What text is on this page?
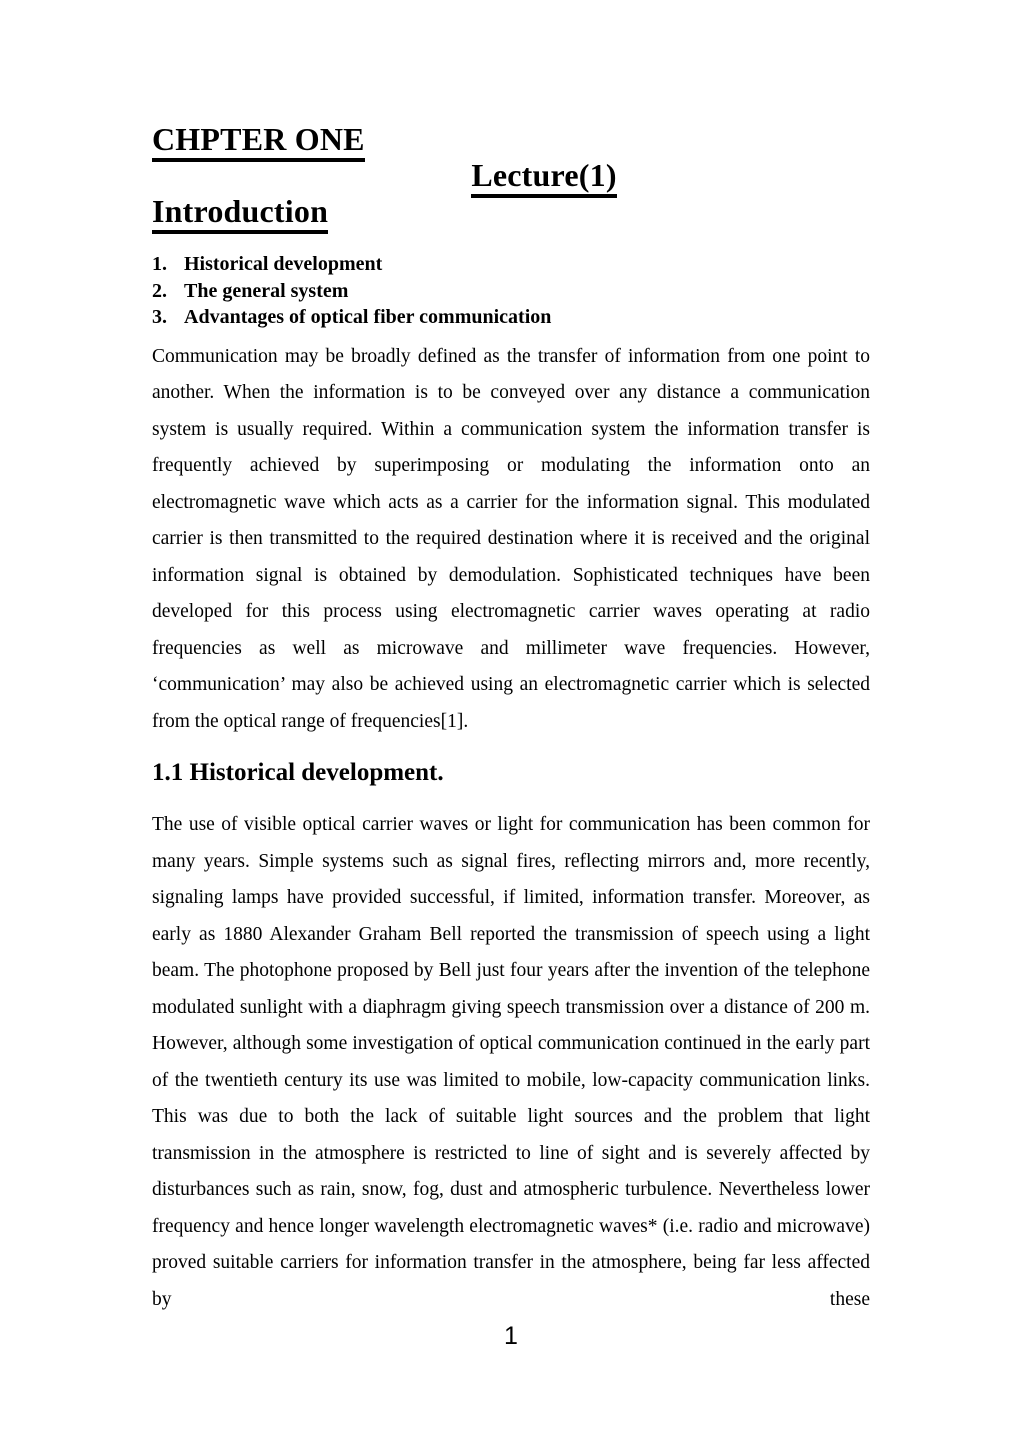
CHPTER ONE
Lecture(1)
Introduction
1. Historical development
2. The general system
3. Advantages of optical fiber communication

Communication may be broadly defined as the transfer of information from one point to another. When the information is to be conveyed over any distance a communication system is usually required. Within a communication system the information transfer is frequently achieved by superimposing or modulating the information onto an electromagnetic wave which acts as a carrier for the information signal. This modulated carrier is then transmitted to the required destination where it is received and the original information signal is obtained by demodulation. Sophisticated techniques have been developed for this process using electromagnetic carrier waves operating at radio frequencies as well as microwave and millimeter wave frequencies. However, ‘communication’ may also be achieved using an electromagnetic carrier which is selected from the optical range of frequencies[1].

1.1 Historical development.

The use of visible optical carrier waves or light for communication has been common for many years. Simple systems such as signal fires, reflecting mirrors and, more recently, signaling lamps have provided successful, if limited, information transfer. Moreover, as early as 1880 Alexander Graham Bell reported the transmission of speech using a light beam. The photophone proposed by Bell just four years after the invention of the telephone modulated sunlight with a diaphragm giving speech transmission over a distance of 200 m. However, although some investigation of optical communication continued in the early part of the twentieth century its use was limited to mobile, low-capacity communication links. This was due to both the lack of suitable light sources and the problem that light transmission in the atmosphere is restricted to line of sight and is severely affected by disturbances such as rain, snow, fog, dust and atmospheric turbulence. Nevertheless lower frequency and hence longer wavelength electromagnetic waves* (i.e. radio and microwave) proved suitable carriers for information transfer in the atmosphere, being far less affected by these

1
